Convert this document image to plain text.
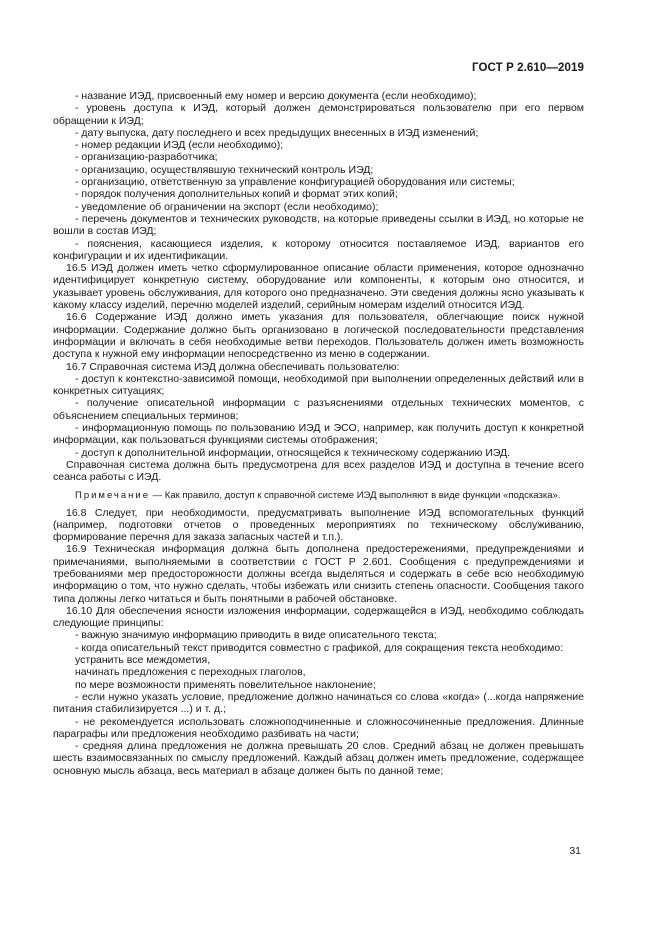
ГОСТ Р 2.610—2019

- название ИЭД, присвоенный ему номер и версию документа (если необходимо);

- уровень доступа к ИЭД, который должен демонстрироваться пользователю при его первом обращении к ИЭД;

- дату выпуска, дату последнего и всех предыдущих внесенных в ИЭД изменений;

- номер редакции ИЭД (если необходимо);

- организацию-разработчика;

- организацию, осуществлявшую технический контроль ИЭД;

- организацию, ответственную за управление конфигурацией оборудования или системы;

- порядок получения дополнительных копий и формат этих копий;

- уведомление об ограничении на экспорт (если необходимо);

- перечень документов и технических руководств, на которые приведены ссылки в ИЭД, но которые не вошли в состав ИЭД;

- пояснения, касающиеся изделия, к которому относится поставляемое ИЭД, вариантов его конфигурации и их идентификации.

16.5 ИЭД должен иметь четко сформулированное описание области применения, которое однозначно идентифицирует конкретную систему, оборудование или компоненты, к которым оно относится, и указывает уровень обслуживания, для которого оно предназначено. Эти сведения должны ясно указывать к какому классу изделий, перечню моделей изделий, серийным номерам изделий относится ИЭД.

16.6 Содержание ИЭД должно иметь указания для пользователя, облегчающие поиск нужной информации. Содержание должно быть организовано в логической последовательности представления информации и включать в себя необходимые ветви переходов. Пользователь должен иметь возможность доступа к нужной ему информации непосредственно из меню в содержании.

16.7 Справочная система ИЭД должна обеспечивать пользователю:

- доступ к контекстно-зависимой помощи, необходимой при выполнении определенных действий или в конкретных ситуациях;

- получение описательной информации с разъяснениями отдельных технических моментов, с объяснением специальных терминов;

- информационную помощь по пользованию ИЭД и ЭСО, например, как получить доступ к конкретной информации, как пользоваться функциями системы отображения;

- доступ к дополнительной информации, относящейся к техническому содержанию ИЭД.

Справочная система должна быть предусмотрена для всех разделов ИЭД и доступна в течение всего сеанса работы с ИЭД.

Примечание — Как правило, доступ к справочной системе ИЭД выполняют в виде функции «подсказка».

16.8 Следует, при необходимости, предусматривать выполнение ИЭД вспомогательных функций (например, подготовки отчетов о проведенных мероприятиях по техническому обслуживанию, формирование перечня для заказа запасных частей и т.п.).

16.9 Техническая информация должна быть дополнена предостережениями, предупреждениями и примечаниями, выполняемыми в соответствии с ГОСТ Р 2.601. Сообщения с предупреждениями и требованиями мер предосторожности должны всегда выделяться и содержать в себе всю необходимую информацию о том, что нужно сделать, чтобы избежать или снизить степень опасности. Сообщения такого типа должны легко читаться и быть понятными в рабочей обстановке.

16.10 Для обеспечения ясности изложения информации, содержащейся в ИЭД, необходимо соблюдать следующие принципы:

- важную значимую информацию приводить в виде описательного текста;

- когда описательный текст приводится совместно с графикой, для сокращения текста необходимо:

устранить все междометия,

начинать предложения с переходных глаголов,

по мере возможности применять повелительное наклонение;

- если нужно указать условие, предложение должно начинаться со слова «когда» (...когда напряжение питания стабилизируется ...) и т. д.;

- не рекомендуется использовать сложноподчиненные и сложносочиненные предложения. Длинные параграфы или предложения необходимо разбивать на части;

- средняя длина предложения не должна превышать 20 слов. Средний абзац не должен превышать шесть взаимосвязанных по смыслу предложений. Каждый абзац должен иметь предложение, содержащее основную мысль абзаца, весь материал в абзаце должен быть по данной теме;

31
